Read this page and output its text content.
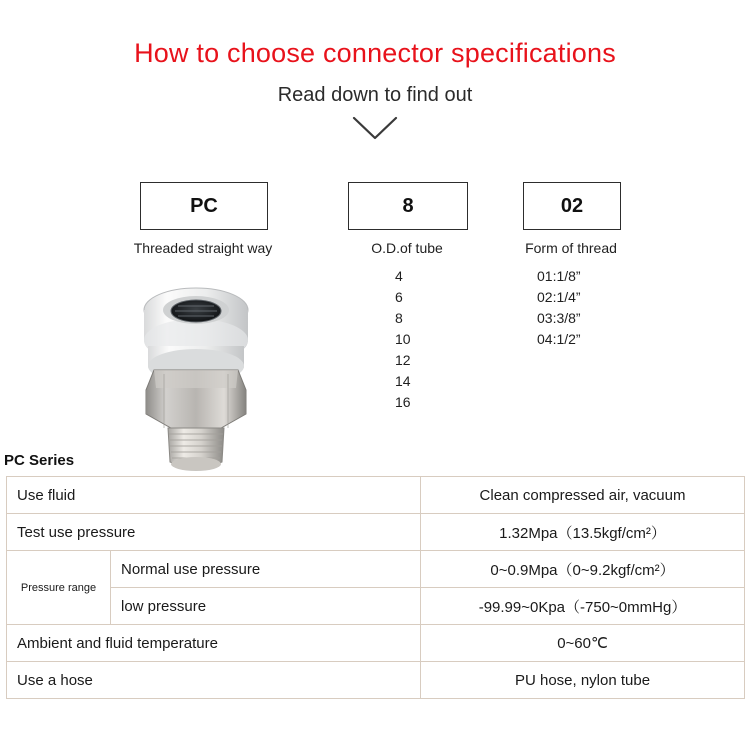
How to choose connector specifications
Read down to find out
PC
Threaded straight way
8
O.D.of tube
02
Form of thread
4
6
8
10
12
14
16
01:1/8”
02:1/4”
03:3/8”
04:1/2”
PC Series
Use fluid		Clean compressed air, vacuum
Test use pressure		1.32Mpa（13.5kgf/cm²）
Pressure range	Normal use pressure	0~0.9Mpa（0~9.2kgf/cm²）
	low pressure	-99.99~0Kpa（-750~0mmHg）
Ambient and fluid temperature		0~60℃
Use a hose		PU hose, nylon tube
